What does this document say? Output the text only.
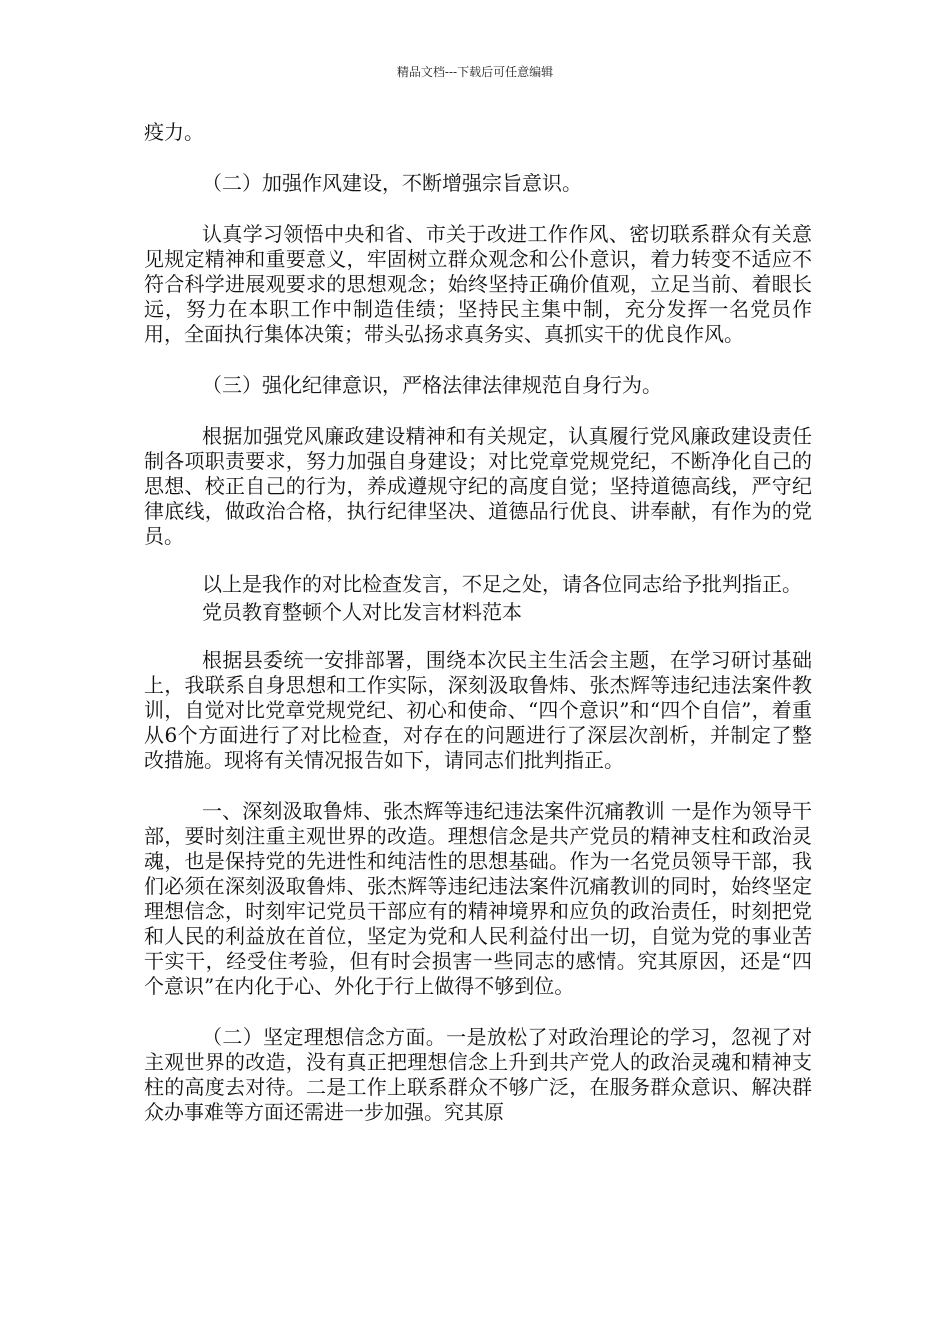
精品文档---下载后可任意编辑

疫力。

（二）加强作风建设，不断增强宗旨意识。

认真学习领悟中央和省、市关于改进工作作风、密切联系群众有关意见规定精神和重要意义，牢固树立群众观念和公仆意识，着力转变不适应不符合科学进展观要求的思想观念；始终坚持正确价值观，立足当前、着眼长远，努力在本职工作中制造佳绩；坚持民主集中制，充分发挥一名党员作用，全面执行集体决策；带头弘扬求真务实、真抓实干的优良作风。

（三）强化纪律意识，严格法律法律规范自身行为。

根据加强党风廉政建设精神和有关规定，认真履行党风廉政建设责任制各项职责要求，努力加强自身建设；对比党章党规党纪，不断净化自己的思想、校正自己的行为，养成遵规守纪的高度自觉；坚持道德高线，严守纪律底线，做政治合格，执行纪律坚决、道德品行优良、讲奉献，有作为的党员。

以上是我作的对比检查发言，不足之处，请各位同志给予批判指正。

党员教育整顿个人对比发言材料范本

根据县委统一安排部署，围绕本次民主生活会主题，在学习研讨基础上，我联系自身思想和工作实际，深刻汲取鲁炜、张杰辉等违纪违法案件教训，自觉对比党章党规党纪、初心和使命、“四个意识”和“四个自信”，着重从6个方面进行了对比检查，对存在的问题进行了深层次剖析，并制定了整改措施。现将有关情况报告如下，请同志们批判指正。

一、深刻汲取鲁炜、张杰辉等违纪违法案件沉痛教训 一是作为领导干部，要时刻注重主观世界的改造。理想信念是共产党员的精神支柱和政治灵魂，也是保持党的先进性和纯洁性的思想基础。作为一名党员领导干部，我们必须在深刻汲取鲁炜、张杰辉等违纪违法案件沉痛教训的同时，始终坚定理想信念，时刻牢记党员干部应有的精神境界和应负的政治责任，时刻把党和人民的利益放在首位，坚定为党和人民利益付出一切，自觉为党的事业苦干实干，经受住考验，但有时会损害一些同志的感情。究其原因，还是“四个意识”在内化于心、外化于行上做得不够到位。

（二）坚定理想信念方面。一是放松了对政治理论的学习，忽视了对主观世界的改造，没有真正把理想信念上升到共产党人的政治灵魂和精神支柱的高度去对待。二是工作上联系群众不够广泛，在服务群众意识、解决群众办事难等方面还需进一步加强。究其原
